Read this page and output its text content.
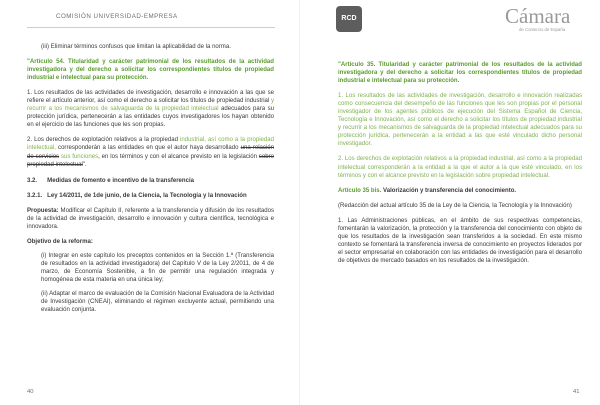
COMISIÓN UNIVERSIDAD-EMPRESA	RCD	Cámara
de Comercio de España

(iii) Eliminar términos confusos que limitan la aplicabilidad de la norma.

"Artículo 54. Titularidad y carácter patrimonial de los resultados de la actividad investigadora y del derecho a solicitar los correspondientes títulos de propiedad industrial e intelectual para su protección.

1. Los resultados de las actividades de investigación, desarrollo e innovación a las que se refiere el artículo anterior, así como el derecho a solicitar los títulos de propiedad industrial y recurrir a los mecanismos de salvaguarda de la propiedad intelectual adecuados para su protección jurídica, pertenecerán a las entidades cuyos investigadores los hayan obtenido en el ejercicio de las funciones que les son propias.

2. Los derechos de explotación relativos a la propiedad industrial, así como a la propiedad intelectual, corresponderán a las entidades en que el autor haya desarrollado una relación de servicios sus funciones, en los términos y con el alcance previsto en la legislación sobre propiedad intelectual".

3.2.      Medidas de fomento e incentivo de la transferencia

3.2.1.   Ley 14/2011, de 1de junio, de la Ciencia, la Tecnología y la Innovación

Propuesta: Modificar el Capítulo II, referente a la transferencia y difusión de los resultados de la actividad de investigación, desarrollo e innovación y cultura científica, tecnológica e innovadora.

Objetivo de la reforma:

(i) Integrar en este capítulo los preceptos contenidos en la Sección 1.ª (Transferencia de resultados en la actividad investigadora) del Capítulo V de la Ley 2/2011, de 4 de marzo, de Economía Sostenible, a fin de permitir una regulación integrada y homogénea de esta materia en una única ley;

(ii) Adaptar el marco de evaluación de la Comisión Nacional Evaluadora de la Actividad de Investigación (CNEAI), eliminando el régimen excluyente actual, permitiendo una evaluación conjunta.

"Artículo 35. Titularidad y carácter patrimonial de los resultados de la actividad investigadora y del derecho a solicitar los correspondientes títulos de propiedad industrial e intelectual para su protección.

1. Los resultados de las actividades de investigación, desarrollo e innovación realizadas como consecuencia del desempeño de las funciones que les son propias por el personal investigador de los agentes públicos de ejecución del Sistema Español de Ciencia, Tecnología e Innovación, así como el derecho a solicitar los títulos de propiedad industrial y recurrir a los mecanismos de salvaguarda de la propiedad intelectual adecuados para su protección jurídica, pertenecerán a la entidad a las que esté vinculado dicho personal investigador.

2. Los derechos de explotación relativos a la propiedad industrial, así como a la propiedad intelectual corresponderán a la entidad a la que el autor a la que esté vinculado, en los términos y con el alcance previsto en la legislación sobre propiedad intelectual.

Artículo 35 bis. Valorización y transferencia del conocimiento.

(Redacción del actual artículo 35 de la Ley de la Ciencia, la Tecnología y la Innovación)

1. Las Administraciones públicas, en el ámbito de sus respectivas competencias, fomentarán la valorización, la protección y la transferencia del conocimiento con objeto de que los resultados de la investigación sean transferidos a la sociedad. En este mismo contexto se fomentará la transferencia inversa de conocimiento en proyectos liderados por el sector empresarial en colaboración con las entidades de investigación para el desarrollo de objetivos de mercado basados en los resultados de la investigación.

40	41
